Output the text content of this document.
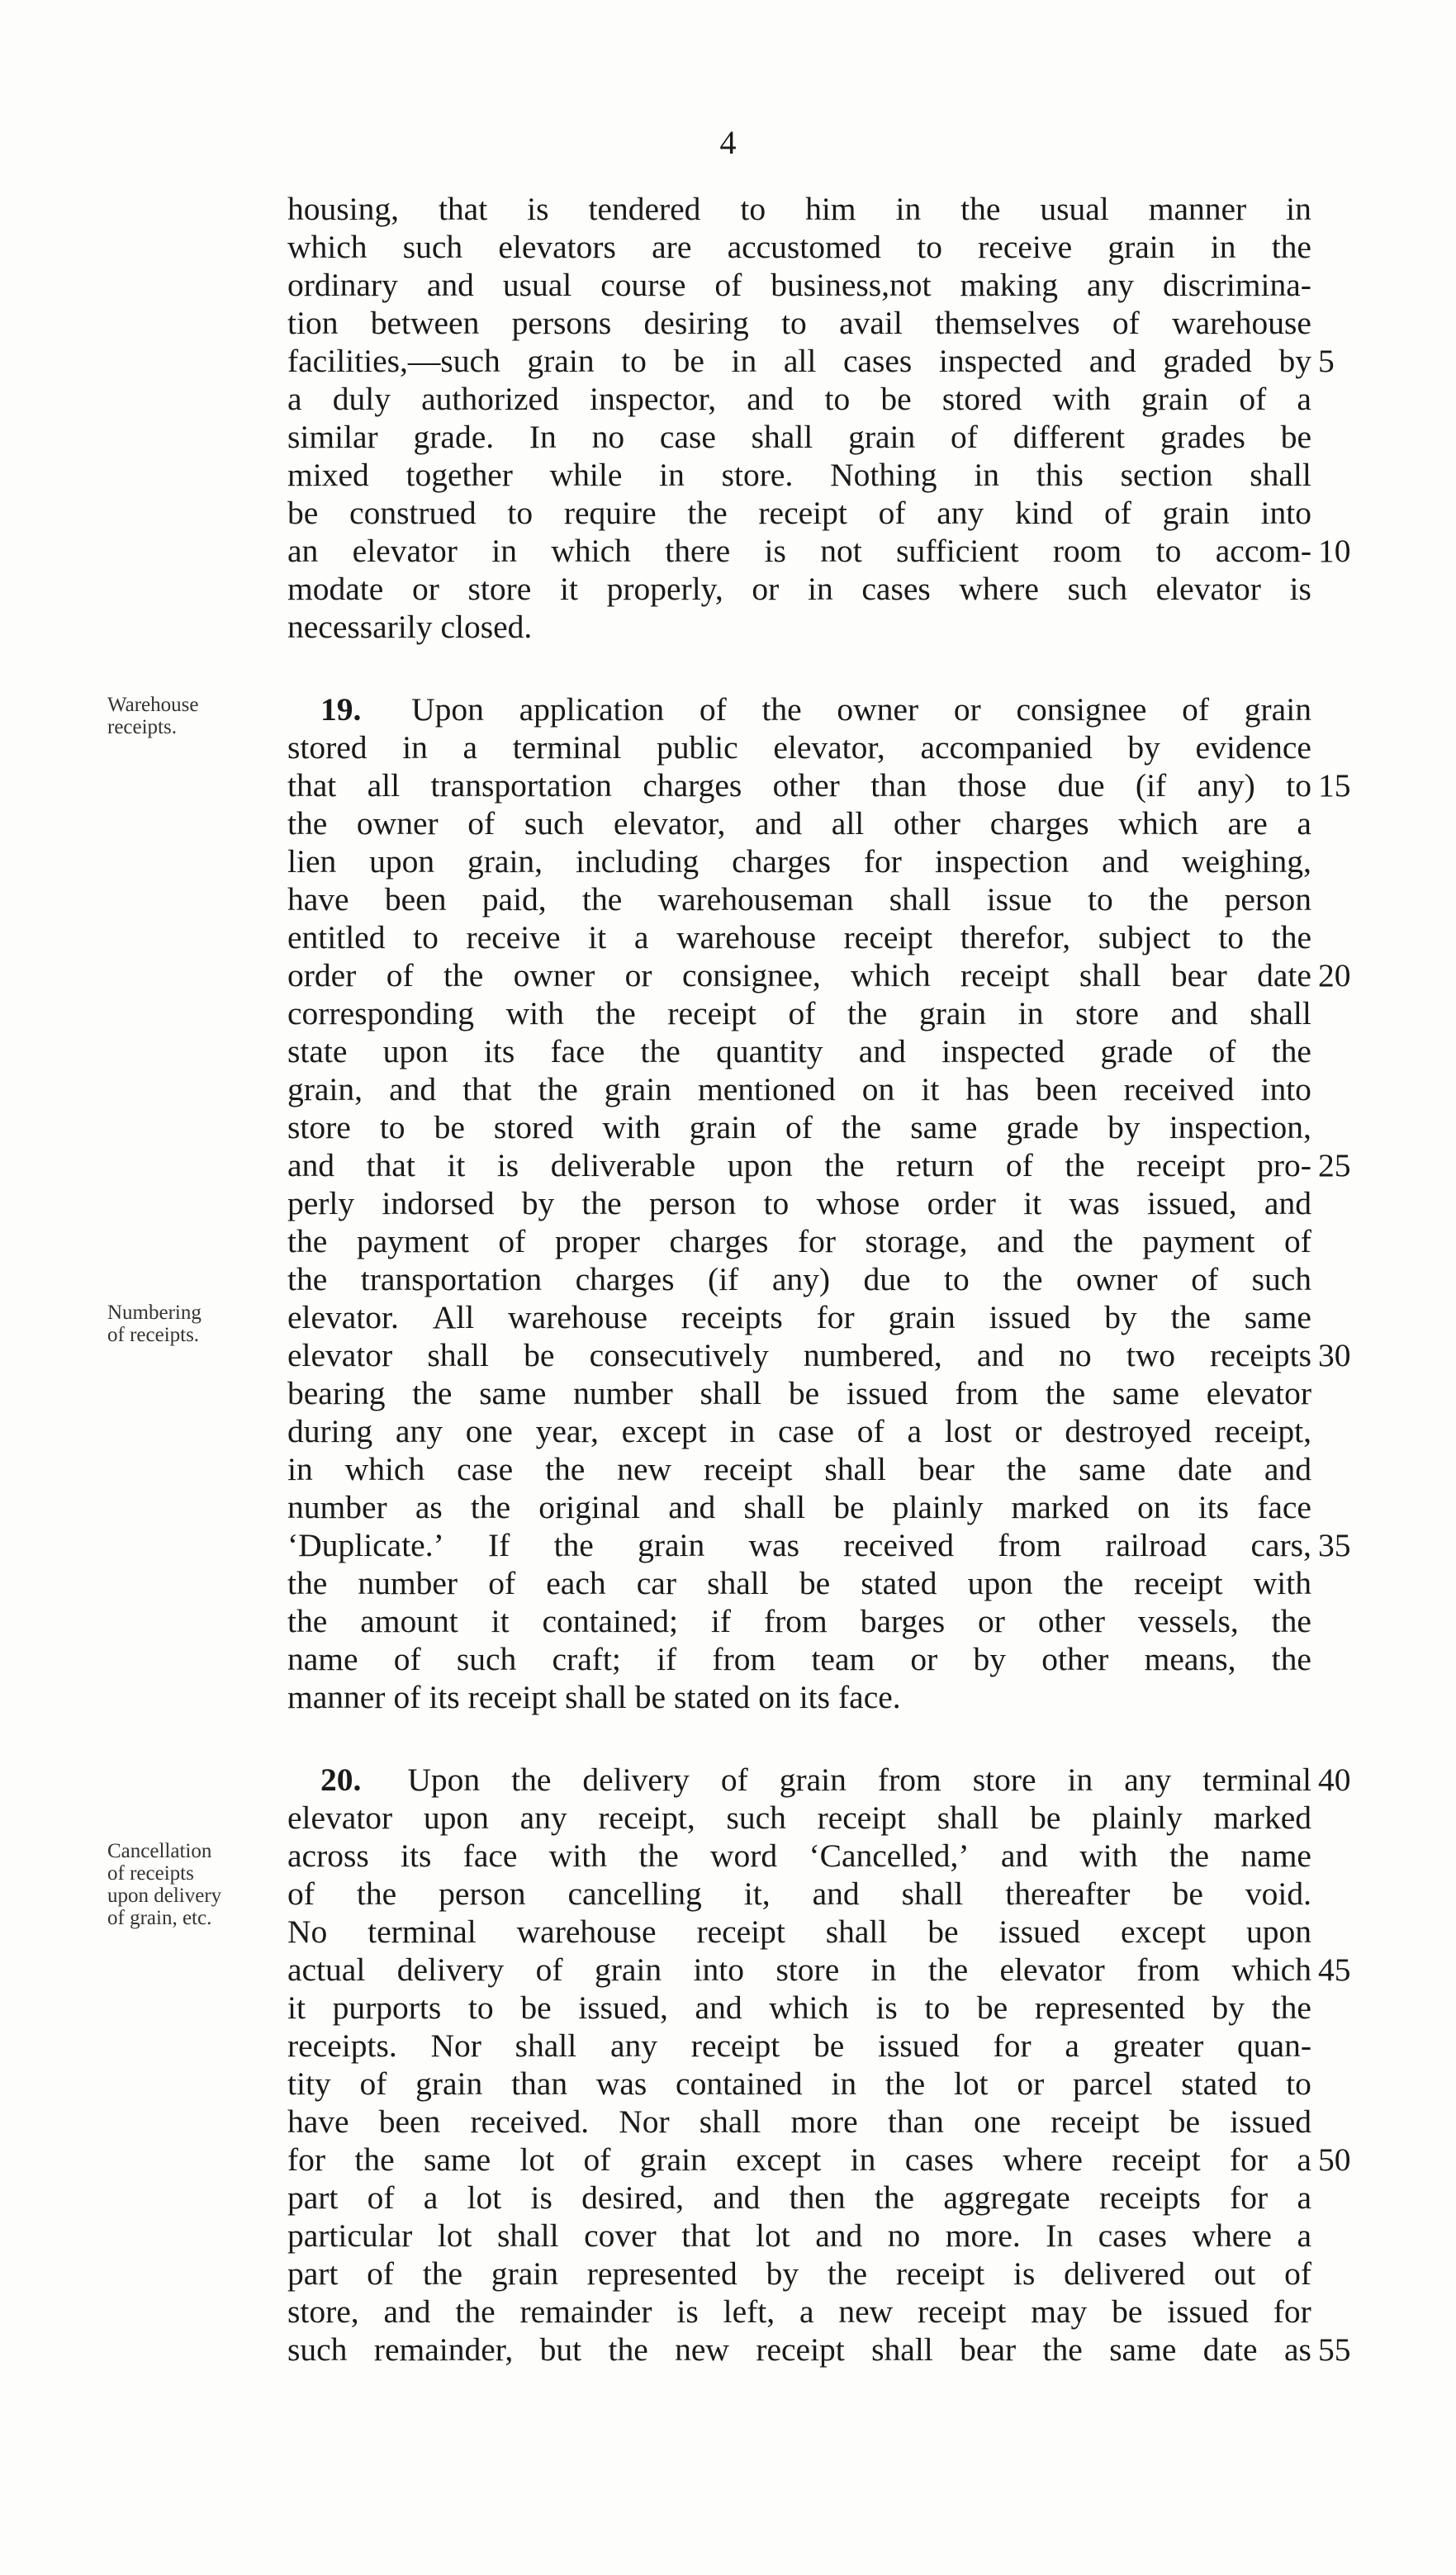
4
housing, that is tendered to him in the usual manner in
which such elevators are accustomed to receive grain in the
ordinary and usual course of business,not making any discrimina-
tion between persons desiring to avail themselves of warehouse
facilities,—such grain to be in all cases inspected and graded by 5
a duly authorized inspector, and to be stored with grain of a
similar grade. In no case shall grain of different grades be
mixed together while in store. Nothing in this section shall
be construed to require the receipt of any kind of grain into
an elevator in which there is not sufficient room to accom- 10
modate or store it properly, or in cases where such elevator is
necessarily closed.
19. Upon application of the owner or consignee of grain
stored in a terminal public elevator, accompanied by evidence
that all transportation charges other than those due (if any) to 15
the owner of such elevator, and all other charges which are a
lien upon grain, including charges for inspection and weighing,
have been paid, the warehouseman shall issue to the person
entitled to receive it a warehouse receipt therefor, subject to the
order of the owner or consignee, which receipt shall bear date 20
corresponding with the receipt of the grain in store and shall
state upon its face the quantity and inspected grade of the
grain, and that the grain mentioned on it has been received into
store to be stored with grain of the same grade by inspection,
and that it is deliverable upon the return of the receipt pro- 25
perly indorsed by the person to whose order it was issued, and
the payment of proper charges for storage, and the payment of
the transportation charges (if any) due to the owner of such
elevator. All warehouse receipts for grain issued by the same
elevator shall be consecutively numbered, and no two receipts 30
bearing the same number shall be issued from the same elevator
during any one year, except in case of a lost or destroyed receipt,
in which case the new receipt shall bear the same date and
number as the original and shall be plainly marked on its face
‘Duplicate.’ If the grain was received from railroad cars, 35
the number of each car shall be stated upon the receipt with
the amount it contained; if from barges or other vessels, the
name of such craft; if from team or by other means, the
manner of its receipt shall be stated on its face.
20. Upon the delivery of grain from store in any terminal 40
elevator upon any receipt, such receipt shall be plainly marked
across its face with the word ‘Cancelled,’ and with the name
of the person cancelling it, and shall thereafter be void.
No terminal warehouse receipt shall be issued except upon
actual delivery of grain into store in the elevator from which 45
it purports to be issued, and which is to be represented by the
receipts. Nor shall any receipt be issued for a greater quan-
tity of grain than was contained in the lot or parcel stated to
have been received. Nor shall more than one receipt be issued
for the same lot of grain except in cases where receipt for a 50
part of a lot is desired, and then the aggregate receipts for a
particular lot shall cover that lot and no more. In cases where a
part of the grain represented by the receipt is delivered out of
store, and the remainder is left, a new receipt may be issued for
such remainder, but the new receipt shall bear the same date as 55
Warehouse
receipts.
Numbering
of receipts.
Cancellation
of receipts
upon delivery
of grain, etc.
